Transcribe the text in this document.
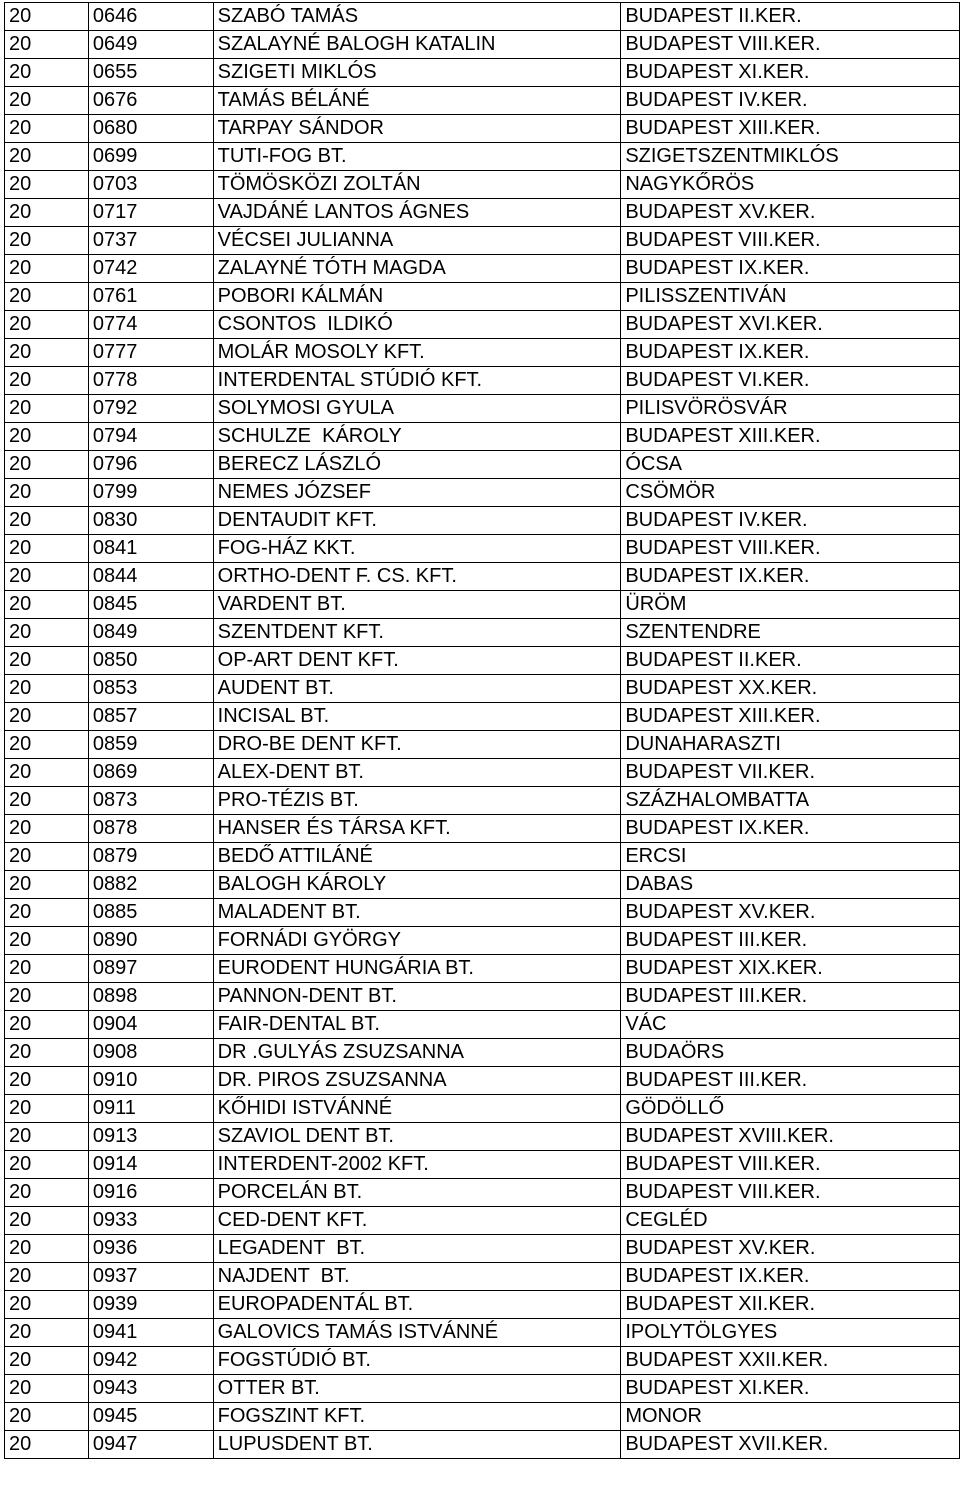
20	0646	SZABÓ TAMÁS	BUDAPEST II.KER.
20	0649	SZALAYNÉ BALOGH KATALIN	BUDAPEST VIII.KER.
20	0655	SZIGETI MIKLÓS	BUDAPEST XI.KER.
20	0676	TAMÁS BÉLÁNÉ	BUDAPEST IV.KER.
20	0680	TARPAY SÁNDOR	BUDAPEST XIII.KER.
20	0699	TUTI-FOG BT.	SZIGETSZENTMIKLÓS
20	0703	TÖMÖSKÖZI ZOLTÁN	NAGYKŐRÖS
20	0717	VAJDÁNÉ LANTOS ÁGNES	BUDAPEST XV.KER.
20	0737	VÉCSEI JULIANNA	BUDAPEST VIII.KER.
20	0742	ZALAYNÉ TÓTH MAGDA	BUDAPEST IX.KER.
20	0761	POBORI KÁLMÁN	PILISSZENTIVÁN
20	0774	CSONTOS  ILDIKÓ	BUDAPEST XVI.KER.
20	0777	MOLÁR MOSOLY KFT.	BUDAPEST IX.KER.
20	0778	INTERDENTAL STÚDIÓ KFT.	BUDAPEST VI.KER.
20	0792	SOLYMOSI GYULA	PILISVÖRÖSVÁR
20	0794	SCHULZE  KÁROLY	BUDAPEST XIII.KER.
20	0796	BERECZ LÁSZLÓ	ÓCSA
20	0799	NEMES JÓZSEF	CSÖMÖR
20	0830	DENTAUDIT KFT.	BUDAPEST IV.KER.
20	0841	FOG-HÁZ KKT.	BUDAPEST VIII.KER.
20	0844	ORTHO-DENT F. CS. KFT.	BUDAPEST IX.KER.
20	0845	VARDENT BT.	ÜRÖM
20	0849	SZENTDENT KFT.	SZENTENDRE
20	0850	OP-ART DENT KFT.	BUDAPEST II.KER.
20	0853	AUDENT BT.	BUDAPEST XX.KER.
20	0857	INCISAL BT.	BUDAPEST XIII.KER.
20	0859	DRO-BE DENT KFT.	DUNAHARASZTI
20	0869	ALEX-DENT BT.	BUDAPEST VII.KER.
20	0873	PRO-TÉZIS BT.	SZÁZHALOMBATTA
20	0878	HANSER ÉS TÁRSA KFT.	BUDAPEST IX.KER.
20	0879	BEDŐ ATTILÁNÉ	ERCSI
20	0882	BALOGH KÁROLY	DABAS
20	0885	MALADENT BT.	BUDAPEST XV.KER.
20	0890	FORNÁDI GYÖRGY	BUDAPEST III.KER.
20	0897	EURODENT HUNGÁRIA BT.	BUDAPEST XIX.KER.
20	0898	PANNON-DENT BT.	BUDAPEST III.KER.
20	0904	FAIR-DENTAL BT.	VÁC
20	0908	DR .GULYÁS ZSUZSANNA	BUDAÖRS
20	0910	DR. PIROS ZSUZSANNA	BUDAPEST III.KER.
20	0911	KŐHIDI ISTVÁNNÉ	GÖDÖLLŐ
20	0913	SZAVIOL DENT BT.	BUDAPEST XVIII.KER.
20	0914	INTERDENT-2002 KFT.	BUDAPEST VIII.KER.
20	0916	PORCELÁN BT.	BUDAPEST VIII.KER.
20	0933	CED-DENT KFT.	CEGLÉD
20	0936	LEGADENT  BT.	BUDAPEST XV.KER.
20	0937	NAJDENT  BT.	BUDAPEST IX.KER.
20	0939	EUROPADENTÁL BT.	BUDAPEST XII.KER.
20	0941	GALOVICS TAMÁS ISTVÁNNÉ	IPOLYTÖLGYES
20	0942	FOGSTÚDIÓ BT.	BUDAPEST XXII.KER.
20	0943	OTTER BT.	BUDAPEST XI.KER.
20	0945	FOGSZINT KFT.	MONOR
20	0947	LUPUSDENT BT.	BUDAPEST XVII.KER.
